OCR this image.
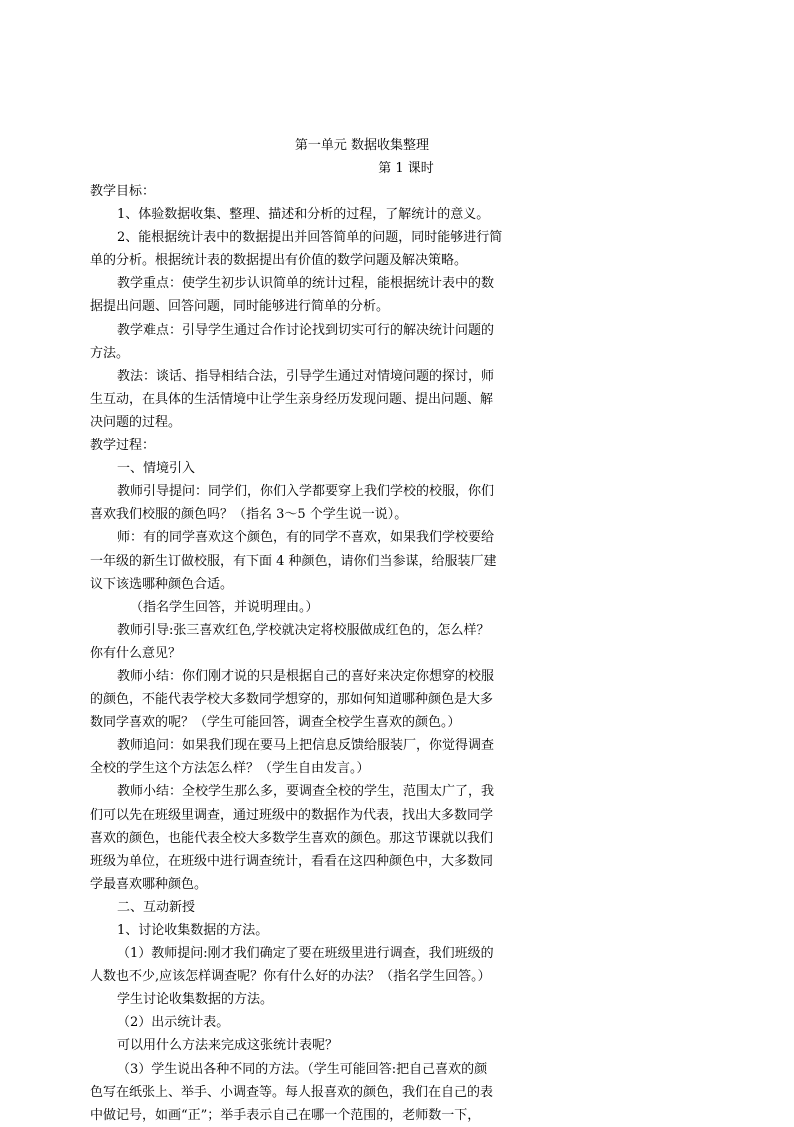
第一单元 数据收集整理
第 1 课时
教学目标：
1、体验数据收集、整理、描述和分析的过程，了解统计的意义。
2、能根据统计表中的数据提出并回答简单的问题，同时能够进行简
单的分析。根据统计表的数据提出有价值的数学问题及解决策略。
教学重点：使学生初步认识简单的统计过程，能根据统计表中的数
据提出问题、回答问题，同时能够进行简单的分析。
教学难点：引导学生通过合作讨论找到切实可行的解决统计问题的
方法。
教法：谈话、指导相结合法，引导学生通过对情境问题的探讨，师
生互动，在具体的生活情境中让学生亲身经历发现问题、提出问题、解
决问题的过程。
教学过程：
一、情境引入
教师引导提问：同学们，你们入学都要穿上我们学校的校服，你们
喜欢我们校服的颜色吗？（指名 3～5 个学生说一说）。
师：有的同学喜欢这个颜色，有的同学不喜欢，如果我们学校要给
一年级的新生订做校服，有下面 4 种颜色，请你们当参谋，给服装厂建
议下该选哪种颜色合适。
（指名学生回答，并说明理由。）
教师引导:张三喜欢红色,学校就决定将校服做成红色的，怎么样？
你有什么意见？
教师小结：你们刚才说的只是根据自己的喜好来决定你想穿的校服
的颜色，不能代表学校大多数同学想穿的，那如何知道哪种颜色是大多
数同学喜欢的呢？（学生可能回答，调查全校学生喜欢的颜色。）
教师追问：如果我们现在要马上把信息反馈给服装厂，你觉得调查
全校的学生这个方法怎么样？（学生自由发言。）
教师小结：全校学生那么多，要调查全校的学生，范围太广了，我
们可以先在班级里调查，通过班级中的数据作为代表，找出大多数同学
喜欢的颜色，也能代表全校大多数学生喜欢的颜色。那这节课就以我们
班级为单位，在班级中进行调查统计，看看在这四种颜色中，大多数同
学最喜欢哪种颜色。
二、互动新授
1、讨论收集数据的方法。
（1）教师提问:刚才我们确定了要在班级里进行调查，我们班级的
人数也不少,应该怎样调查呢？你有什么好的办法？（指名学生回答。）
学生讨论收集数据的方法。
（2）出示统计表。
可以用什么方法来完成这张统计表呢？
（3）学生说出各种不同的方法。（学生可能回答:把自己喜欢的颜
色写在纸张上、举手、小调查等。每人报喜欢的颜色，我们在自己的表
中做记号，如画“正”；举手表示自己在哪一个范围的，老师数一下，
